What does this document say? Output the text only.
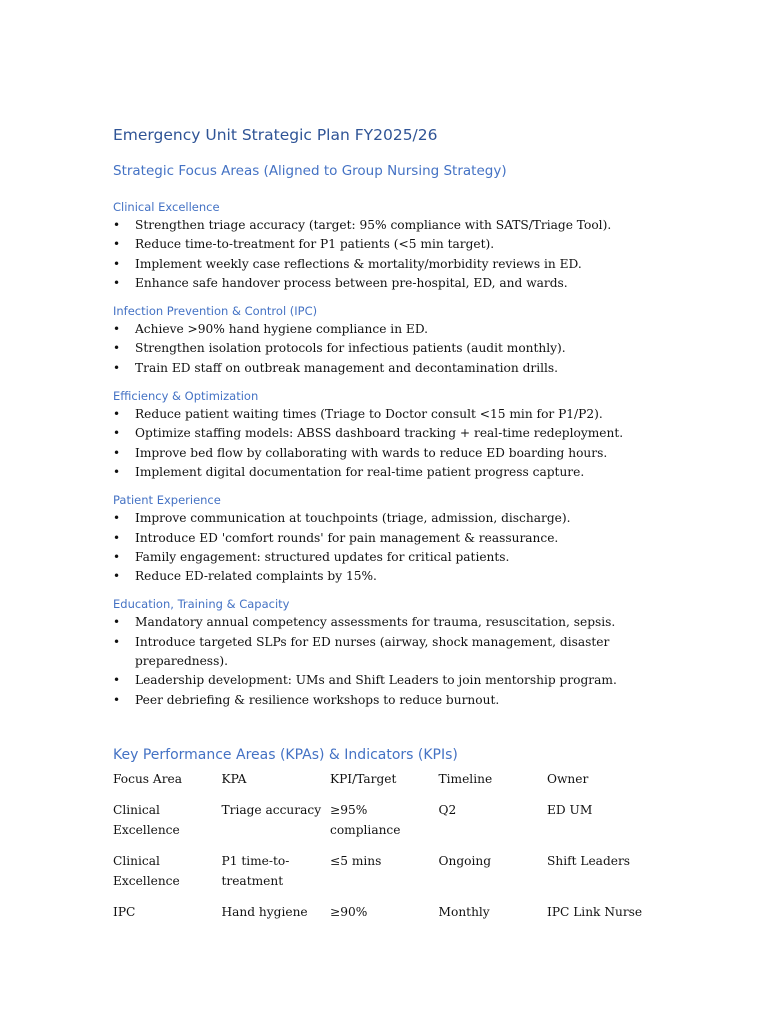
Emergency Unit Strategic Plan FY2025/26
Strategic Focus Areas (Aligned to Group Nursing Strategy)
Clinical Excellence
• Strengthen triage accuracy (target: 95% compliance with SATS/Triage Tool).
• Reduce time-to-treatment for P1 patients (<5 min target).
• Implement weekly case reflections & mortality/morbidity reviews in ED.
• Enhance safe handover process between pre-hospital, ED, and wards.
Infection Prevention & Control (IPC)
• Achieve >90% hand hygiene compliance in ED.
• Strengthen isolation protocols for infectious patients (audit monthly).
• Train ED staff on outbreak management and decontamination drills.
Efficiency & Optimization
• Reduce patient waiting times (Triage to Doctor consult <15 min for P1/P2).
• Optimize staffing models: ABSS dashboard tracking + real-time redeployment.
• Improve bed flow by collaborating with wards to reduce ED boarding hours.
• Implement digital documentation for real-time patient progress capture.
Patient Experience
• Improve communication at touchpoints (triage, admission, discharge).
• Introduce ED 'comfort rounds' for pain management & reassurance.
• Family engagement: structured updates for critical patients.
• Reduce ED-related complaints by 15%.
Education, Training & Capacity
• Mandatory annual competency assessments for trauma, resuscitation, sepsis.
• Introduce targeted SLPs for ED nurses (airway, shock management, disaster preparedness).
• Leadership development: UMs and Shift Leaders to join mentorship program.
• Peer debriefing & resilience workshops to reduce burnout.
Key Performance Areas (KPAs) & Indicators (KPIs)
Focus Area	KPA	KPI/Target	Timeline	Owner
Clinical Excellence	Triage accuracy	≥95% compliance	Q2	ED UM
Clinical Excellence	P1 time-to-treatment	≤5 mins	Ongoing	Shift Leaders
IPC	Hand hygiene	≥90%	Monthly	IPC Link Nurse
